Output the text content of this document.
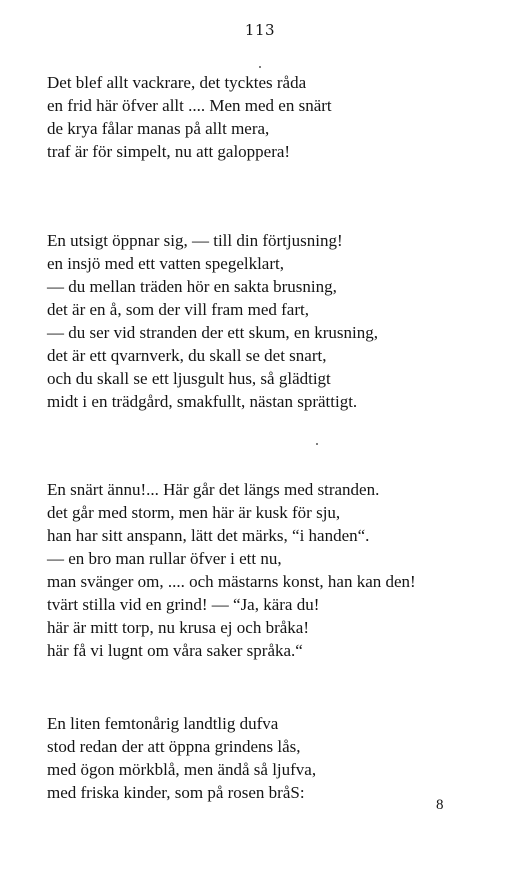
113
Det blef allt vackrare, det tycktes råda
en frid här öfver allt .... Men med en snärt
de krya fålar manas på allt mera,
traf är för simpelt, nu att galoppera!
En utsigt öppnar sig, — till din förtjusning!
en insjö med ett vatten spegelklart,
— du mellan träden hör en sakta brusning,
det är en å, som der vill fram med fart,
— du ser vid stranden der ett skum, en krusning,
det är ett qvarnverk, du skall se det snart,
och du skall se ett ljusgult hus, så glädtigt
midt i en trädgård, smakfullt, nästan sprättigt.
En snärt ännu!... Här går det längs med stranden.
det går med storm, men här är kusk för sju,
han har sitt anspann, lätt det märks, “i handen“.
— en bro man rullar öfver i ett nu,
man svänger om, .... och mästarns konst, han kan den!
tvärt stilla vid en grind! — “Ja, kära du!
här är mitt torp, nu krusa ej och bråka!
här få vi lugnt om våra saker språka.“
En liten femtonårig landtlig dufva
stod redan der att öppna grindens lås,
med ögon mörkblå, men ändå så ljufva,
med friska kinder, som på rosen bråS:
8
